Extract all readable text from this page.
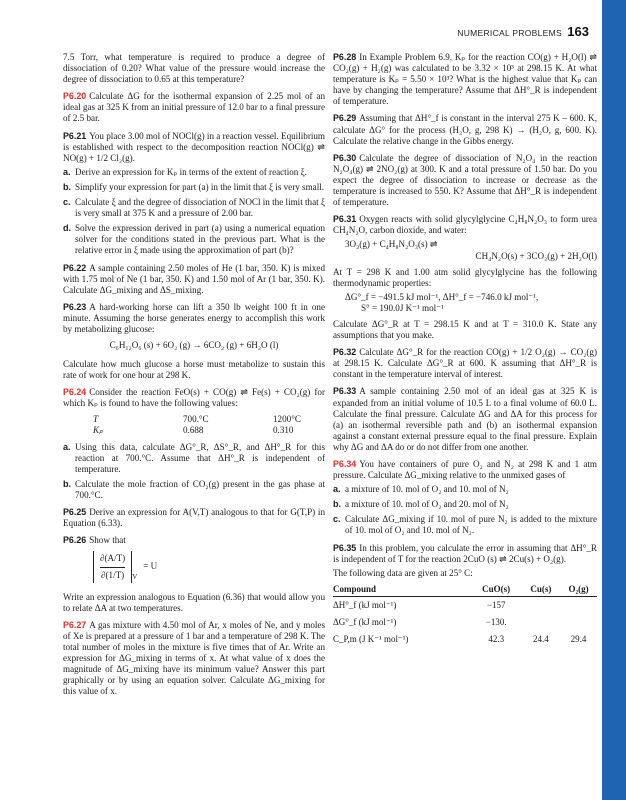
NUMERICAL PROBLEMS 163

7.5 Torr, what temperature is required to produce a degree of dissociation of 0.20? What value of the pressure would increase the degree of dissociation to 0.65 at this temperature?

P6.20 Calculate ΔG for the isothermal expansion of 2.25 mol of an ideal gas at 325 K from an initial pressure of 12.0 bar to a final pressure of 2.5 bar.

P6.21 You place 3.00 mol of NOCl(g) in a reaction vessel. Equilibrium is established with respect to the decomposition reaction NOCl(g) ⇌ NO(g) + 1/2 Cl₂(g).

a. Derive an expression for Kₚ in terms of the extent of reaction ξ.
b. Simplify your expression for part (a) in the limit that ξ is very small.
c. Calculate ξ and the degree of dissociation of NOCl in the limit that ξ is very small at 375 K and a pressure of 2.00 bar.
d. Solve the expression derived in part (a) using a numerical equation solver for the conditions stated in the previous part. What is the relative error in ξ made using the approximation of part (b)?

P6.22 A sample containing 2.50 moles of He (1 bar, 350. K) is mixed with 1.75 mol of Ne (1 bar, 350. K) and 1.50 mol of Ar (1 bar, 350. K). Calculate ΔG_mixing and ΔS_mixing.

P6.23 A hard-working horse can lift a 350 lb weight 100 ft in one minute. Assuming the horse generates energy to accomplish this work by metabolizing glucose:

C₆H₁₂O₆ (s) + 6O₂ (g) → 6CO₂ (g) + 6H₂O (l)

Calculate how much glucose a horse must metabolize to sustain this rate of work for one hour at 298 K.

P6.24 Consider the reaction FeO(s) + CO(g) ⇌ Fe(s) + CO₂(g) for which Kₚ is found to have the following values:

T	700.°C	1200°C
Kₚ	0.688	0.310
a. Using this data, calculate ΔG°_R, ΔS°_R, and ΔH°_R for this reaction at 700.°C. Assume that ΔH°_R is independent of temperature.
b. Calculate the mole fraction of CO₂(g) present in the gas phase at 700.°C.

P6.25 Derive an expression for A(V,T) analogous to that for G(T,P) in Equation (6.33).

P6.26 Show that

$\frac{\partial(A/T)}{\partial(1/T)}_V$
= U

Write an expression analogous to Equation (6.36) that would allow you to relate ΔA at two temperatures.

P6.27 A gas mixture with 4.50 mol of Ar, x moles of Ne, and y moles of Xe is prepared at a pressure of 1 bar and a temperature of 298 K. The total number of moles in the mixture is five times that of Ar. Write an expression for ΔG_mixing in terms of x. At what value of x does the magnitude of ΔG_mixing have its minimum value? Answer this part graphically or by using an equation solver. Calculate ΔG_mixing for this value of x.

P6.28 In Example Problem 6.9, Kₚ for the reaction CO(g) + H₂O(l) ⇌ CO₂(g) + H₂(g) was calculated to be 3.32 × 10³ at 298.15 K. At what temperature is Kₚ = 5.50 × 10³? What is the highest value that Kₚ can have by changing the temperature? Assume that ΔH°_R is independent of temperature.

P6.29 Assuming that ΔH°_f is constant in the interval 275 K – 600. K, calculate ΔG° for the process (H₂O, g, 298 K) → (H₂O, g, 600. K). Calculate the relative change in the Gibbs energy.

P6.30 Calculate the degree of dissociation of N₂O₄ in the reaction N₂O₄(g) ⇌ 2NO₂(g) at 300. K and a total pressure of 1.50 bar. Do you expect the degree of dissociation to increase or decrease as the temperature is increased to 550. K? Assume that ΔH°_R is independent of temperature.

P6.31 Oxygen reacts with solid glycylglycine C₄H₈N₂O₃ to form urea CH₄N₂O, carbon dioxide, and water:

3O₂(g) + C₄H₈N₂O₃(s) ⇌
CH₄N₂O(s) + 3CO₂(g) + 2H₂O(l)

At T = 298 K and 1.00 atm solid glycylglycine has the following thermodynamic properties:

ΔG°_f = −491.5 kJ mol⁻¹, ΔH°_f = −746.0 kJ mol⁻¹,
S° = 190.0J K⁻¹ mol⁻¹

Calculate ΔG°_R at T = 298.15 K and at T = 310.0 K. State any assumptions that you make.

P6.32 Calculate ΔG°_R for the reaction CO(g) + 1/2 O₂(g) → CO₂(g) at 298.15 K. Calculate ΔG°_R at 600. K assuming that ΔH°_R is constant in the temperature interval of interest.

P6.33 A sample containing 2.50 mol of an ideal gas at 325 K is expanded from an initial volume of 10.5 L to a final volume of 60.0 L. Calculate the final pressure. Calculate ΔG and ΔA for this process for (a) an isothermal reversible path and (b) an isothermal expansion against a constant external pressure equal to the final pressure. Explain why ΔG and ΔA do or do not differ from one another.

P6.34 You have containers of pure O₂ and N₂ at 298 K and 1 atm pressure. Calculate ΔG_mixing relative to the unmixed gases of

a. a mixture of 10. mol of O₂ and 10. mol of N₂
b. a mixture of 10. mol of O₂ and 20. mol of N₂
c. Calculate ΔG_mixing if 10. mol of pure N₂ is added to the mixture of 10. mol of O₂ and 10. mol of N₂.

P6.35 In this problem, you calculate the error in assuming that ΔH°_R is independent of T for the reaction 2CuO (s) ⇌ 2Cu(s) + O₂(g).

The following data are given at 25° C:
Compound	CuO(s)	Cu(s)	O₂(g)
ΔH°_f (kJ mol⁻¹)	−157		
ΔG°_f (kJ mol⁻¹)	−130.		
C_P,m (J K⁻¹ mol⁻¹)	42.3	24.4	29.4
